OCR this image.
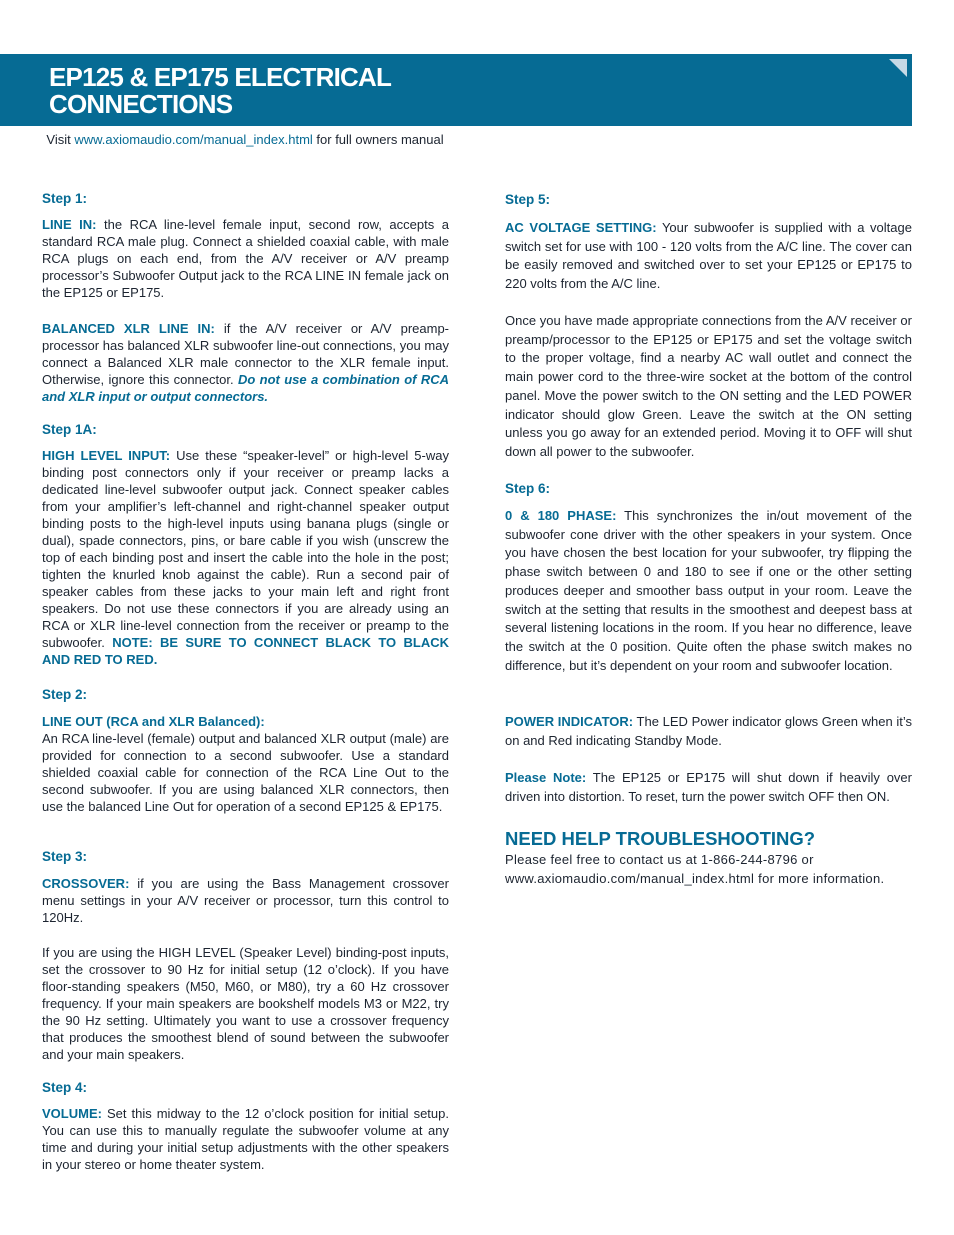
EP125 & EP175 ELECTRICAL CONNECTIONS
Visit www.axiomaudio.com/manual_index.html for full owners manual
Step 1:
LINE IN: the RCA line-level female input, second row, accepts a standard RCA male plug. Connect a shielded coaxial cable, with male RCA plugs on each end, from the A/V receiver or A/V preamp processor’s Subwoofer Output jack to the RCA LINE IN female jack on the EP125 or EP175.
BALANCED XLR LINE IN: if the A/V receiver or A/V preamp-processor has balanced XLR subwoofer line-out connections, you may connect a Balanced XLR male connector to the XLR female input. Otherwise, ignore this connector. Do not use a combination of RCA and XLR input or output connectors.
Step 1A:
HIGH LEVEL INPUT: Use these “speaker-level” or high-level 5-way binding post connectors only if your receiver or preamp lacks a dedicated line-level subwoofer output jack. Connect speaker cables from your amplifier’s left-channel and right-channel speaker output binding posts to the high-level inputs using banana plugs (single or dual), spade connectors, pins, or bare cable if you wish (unscrew the top of each binding post and insert the cable into the hole in the post; tighten the knurled knob against the cable). Run a second pair of speaker cables from these jacks to your main left and right front speakers. Do not use these connectors if you are already using an RCA or XLR line-level connection from the receiver or preamp to the subwoofer. NOTE: BE SURE TO CONNECT BLACK TO BLACK AND RED TO RED.
Step 2:
LINE OUT (RCA and XLR Balanced):
An RCA line-level (female) output and balanced XLR output (male) are provided for connection to a second subwoofer. Use a standard shielded coaxial cable for connection of the RCA Line Out to the second subwoofer. If you are using balanced XLR connectors, then use the balanced Line Out for operation of a second EP125 & EP175.
Step 3:
CROSSOVER: if you are using the Bass Management crossover menu settings in your A/V receiver or processor, turn this control to 120Hz.
If you are using the HIGH LEVEL (Speaker Level) binding-post inputs, set the crossover to 90 Hz for initial setup (12 o’clock). If you have floor-standing speakers (M50, M60, or M80), try a 60 Hz crossover frequency. If your main speakers are bookshelf models M3 or M22, try the 90 Hz setting. Ultimately you want to use a crossover frequency that produces the smoothest blend of sound between the subwoofer and your main speakers.
Step 4:
VOLUME: Set this midway to the 12 o’clock position for initial setup. You can use this to manually regulate the subwoofer volume at any time and during your initial setup adjustments with the other speakers in your stereo or home theater system.
Step 5:
AC VOLTAGE SETTING: Your subwoofer is supplied with a voltage switch set for use with 100 - 120 volts from the A/C line. The cover can be easily removed and switched over to set your EP125 or EP175 to 220 volts from the A/C line.
Once you have made appropriate connections from the A/V receiver or preamp/processor to the EP125 or EP175 and set the voltage switch to the proper voltage, find a nearby AC wall outlet and connect the main power cord to the three-wire socket at the bottom of the control panel. Move the power switch to the ON setting and the LED POWER indicator should glow Green. Leave the switch at the ON setting unless you go away for an extended period. Moving it to OFF will shut down all power to the subwoofer.
Step 6:
0 & 180 PHASE: This synchronizes the in/out movement of the subwoofer cone driver with the other speakers in your system. Once you have chosen the best location for your subwoofer, try flipping the phase switch between 0 and 180 to see if one or the other setting produces deeper and smoother bass output in your room. Leave the switch at the setting that results in the smoothest and deepest bass at several listening locations in the room. If you hear no difference, leave the switch at the 0 position. Quite often the phase switch makes no difference, but it’s dependent on your room and subwoofer location.
POWER INDICATOR: The LED Power indicator glows Green when it’s on and Red indicating Standby Mode.
Please Note: The EP125 or EP175 will shut down if heavily over driven into distortion. To reset, turn the power switch OFF then ON.
NEED HELP TROUBLESHOOTING?
Please feel free to contact us at 1-866-244-8796 or
www.axiomaudio.com/manual_index.html for more information.
